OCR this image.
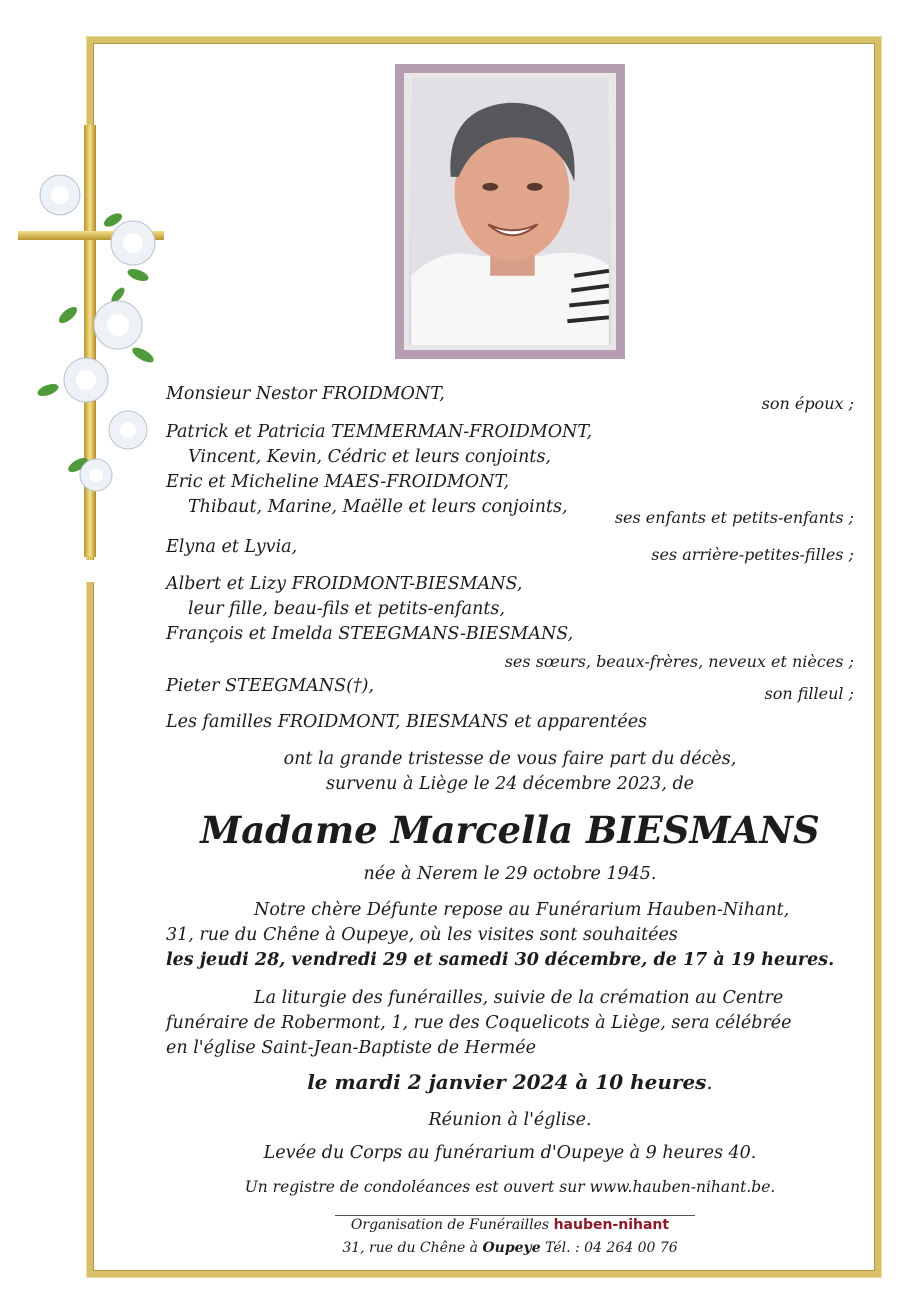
Monsieur Nestor FROIDMONT,	son époux ;
Patrick et Patricia TEMMERMAN-FROIDMONT,
Vincent, Kevin, Cédric et leurs conjoints,
Eric et Micheline MAES-FROIDMONT,
Thibaut, Marine, Maëlle et leurs conjoints,
ses enfants et petits-enfants ;
Elyna et Lyvia,	ses arrière-petites-filles ;
Albert et Lizy FROIDMONT-BIESMANS,
leur fille, beau-fils et petits-enfants,
François et Imelda STEEGMANS-BIESMANS,
ses sœurs, beaux-frères, neveux et nièces ;
Pieter STEEGMANS(†),	son filleul ;
Les familles FROIDMONT, BIESMANS et apparentées
ont la grande tristesse de vous faire part du décès,
survenu à Liège le 24 décembre 2023, de
Madame Marcella BIESMANS
née à Nerem le 29 octobre 1945.
Notre chère Défunte repose au Funérarium Hauben-Nihant,
31, rue du Chêne à Oupeye, où les visites sont souhaitées
les jeudi 28, vendredi 29 et samedi 30 décembre, de 17 à 19 heures.
La liturgie des funérailles, suivie de la crémation au Centre
funéraire de Robermont, 1, rue des Coquelicots à Liège, sera célébrée
en l'église Saint-Jean-Baptiste de Hermée
le mardi 2 janvier 2024 à 10 heures.
Réunion à l'église.
Levée du Corps au funérarium d'Oupeye à 9 heures 40.
Un registre de condoléances est ouvert sur www.hauben-nihant.be.
Organisation de Funérailles hauben-nihant
31, rue du Chêne à Oupeye Tél. : 04 264 00 76
